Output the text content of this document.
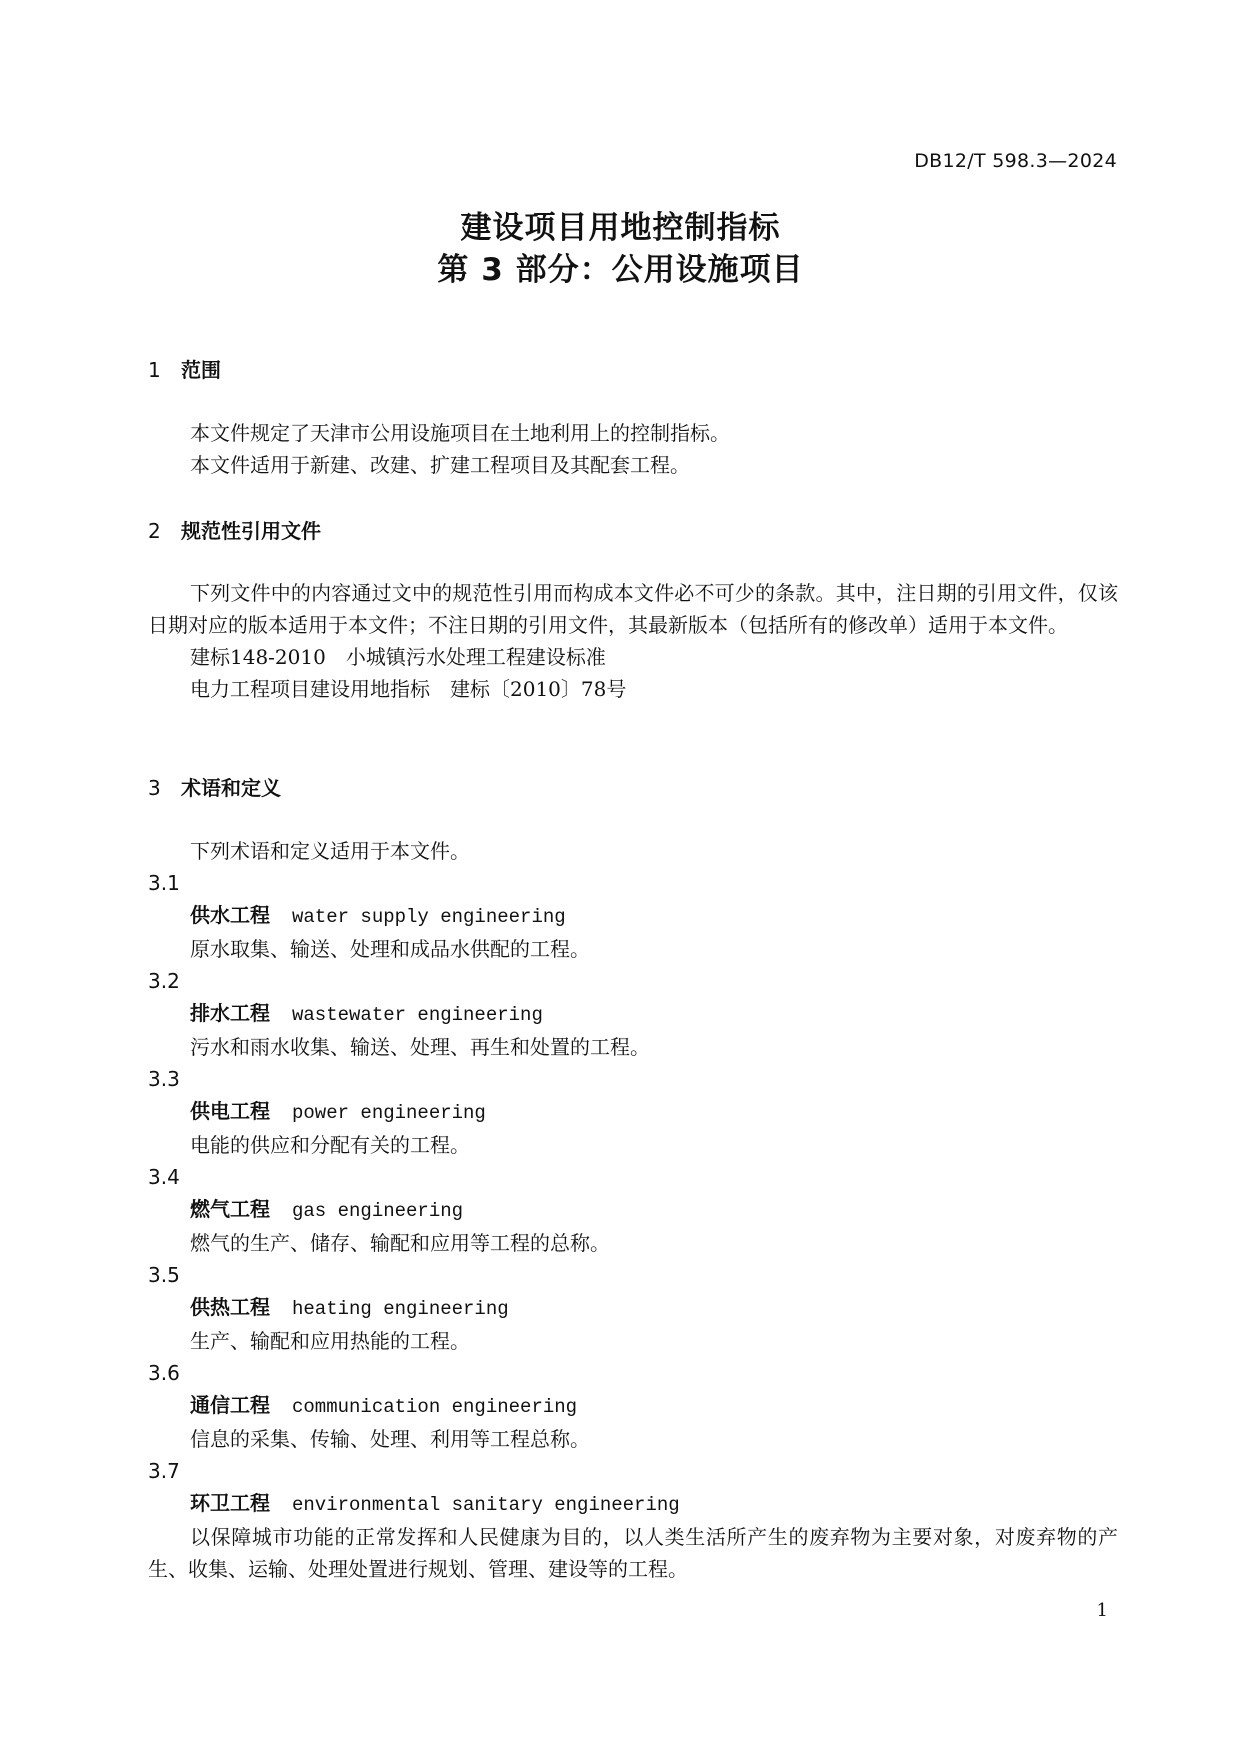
DB12/T 598.3—2024
建设项目用地控制指标
第 3 部分：公用设施项目
1 范围
本文件规定了天津市公用设施项目在土地利用上的控制指标。
本文件适用于新建、改建、扩建工程项目及其配套工程。
2 规范性引用文件
下列文件中的内容通过文中的规范性引用而构成本文件必不可少的条款。其中，注日期的引用文件，仅该日期对应的版本适用于本文件；不注日期的引用文件，其最新版本（包括所有的修改单）适用于本文件。
建标148-2010　小城镇污水处理工程建设标准
电力工程项目建设用地指标　建标〔2010〕78号
3 术语和定义
下列术语和定义适用于本文件。
3.1
供水工程 water supply engineering
原水取集、输送、处理和成品水供配的工程。
3.2
排水工程 wastewater engineering
污水和雨水收集、输送、处理、再生和处置的工程。
3.3
供电工程 power engineering
电能的供应和分配有关的工程。
3.4
燃气工程 gas engineering
燃气的生产、储存、输配和应用等工程的总称。
3.5
供热工程 heating engineering
生产、输配和应用热能的工程。
3.6
通信工程 communication engineering
信息的采集、传输、处理、利用等工程总称。
3.7
环卫工程 environmental sanitary engineering
以保障城市功能的正常发挥和人民健康为目的，以人类生活所产生的废弃物为主要对象，对废弃物的产生、收集、运输、处理处置进行规划、管理、建设等的工程。
1
